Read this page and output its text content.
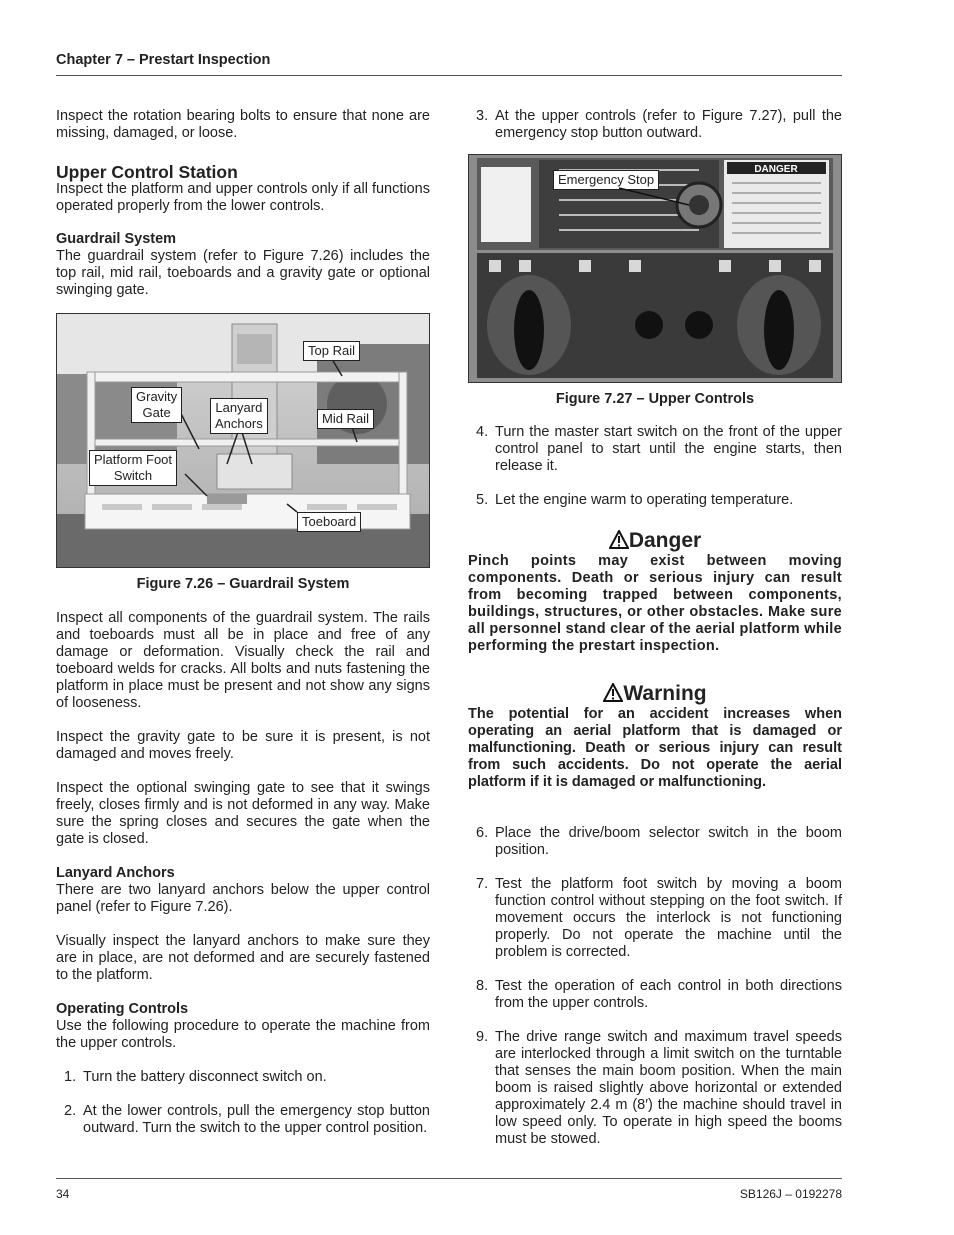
Chapter 7 – Prestart Inspection

Inspect the rotation bearing bolts to ensure that none are missing, damaged, or loose.

Upper Control Station

Inspect the platform and upper controls only if all functions operated properly from the lower controls.

Guardrail System

The guardrail system (refer to Figure 7.26) includes the top rail, mid rail, toeboards and a gravity gate or optional swinging gate.

Top Rail
Gravity
Gate	Lanyard
Anchors	Mid Rail
Platform Foot
Switch
Toeboard
Figure 7.26 – Guardrail System

Inspect all components of the guardrail system. The rails and toeboards must all be in place and free of any damage or deformation. Visually check the rail and toeboard welds for cracks. All bolts and nuts fastening the platform in place must be present and not show any signs of looseness.

Inspect the gravity gate to be sure it is present, is not damaged and moves freely.

Inspect the optional swinging gate to see that it swings freely, closes firmly and is not deformed in any way. Make sure the spring closes and secures the gate when the gate is closed.

Lanyard Anchors

There are two lanyard anchors below the upper control panel (refer to Figure 7.26).

Visually inspect the lanyard anchors to make sure they are in place, are not deformed and are securely fastened to the platform.

Operating Controls

Use the following procedure to operate the machine from the upper controls.

1. Turn the battery disconnect switch on.
2. At the lower controls, pull the emergency stop button outward. Turn the switch to the upper control position.
3. At the upper controls (refer to Figure 7.27), pull the emergency stop button outward.
DANGER
Emergency Stop
Figure 7.27 – Upper Controls
4. Turn the master start switch on the front of the upper control panel to start until the engine starts, then release it.
5. Let the engine warm to operating temperature.
Danger

Pinch points may exist between moving components. Death or serious injury can result from becoming trapped between components, buildings, structures, or other obstacles. Make sure all personnel stand clear of the aerial platform while performing the prestart inspection.

Warning

The potential for an accident increases when operating an aerial platform that is damaged or malfunctioning. Death or serious injury can result from such accidents. Do not operate the aerial platform if it is damaged or malfunctioning.

6. Place the drive/boom selector switch in the boom position.
7. Test the platform foot switch by moving a boom function control without stepping on the foot switch. If movement occurs the interlock is not functioning properly. Do not operate the machine until the problem is corrected.
8. Test the operation of each control in both directions from the upper controls.
9. The drive range switch and maximum travel speeds are interlocked through a limit switch on the turntable that senses the main boom position. When the main boom is raised slightly above horizontal or extended approximately 2.4 m (8′) the machine should travel in low speed only. To operate in high speed the booms must be stowed.
34	SB126J – 0192278
